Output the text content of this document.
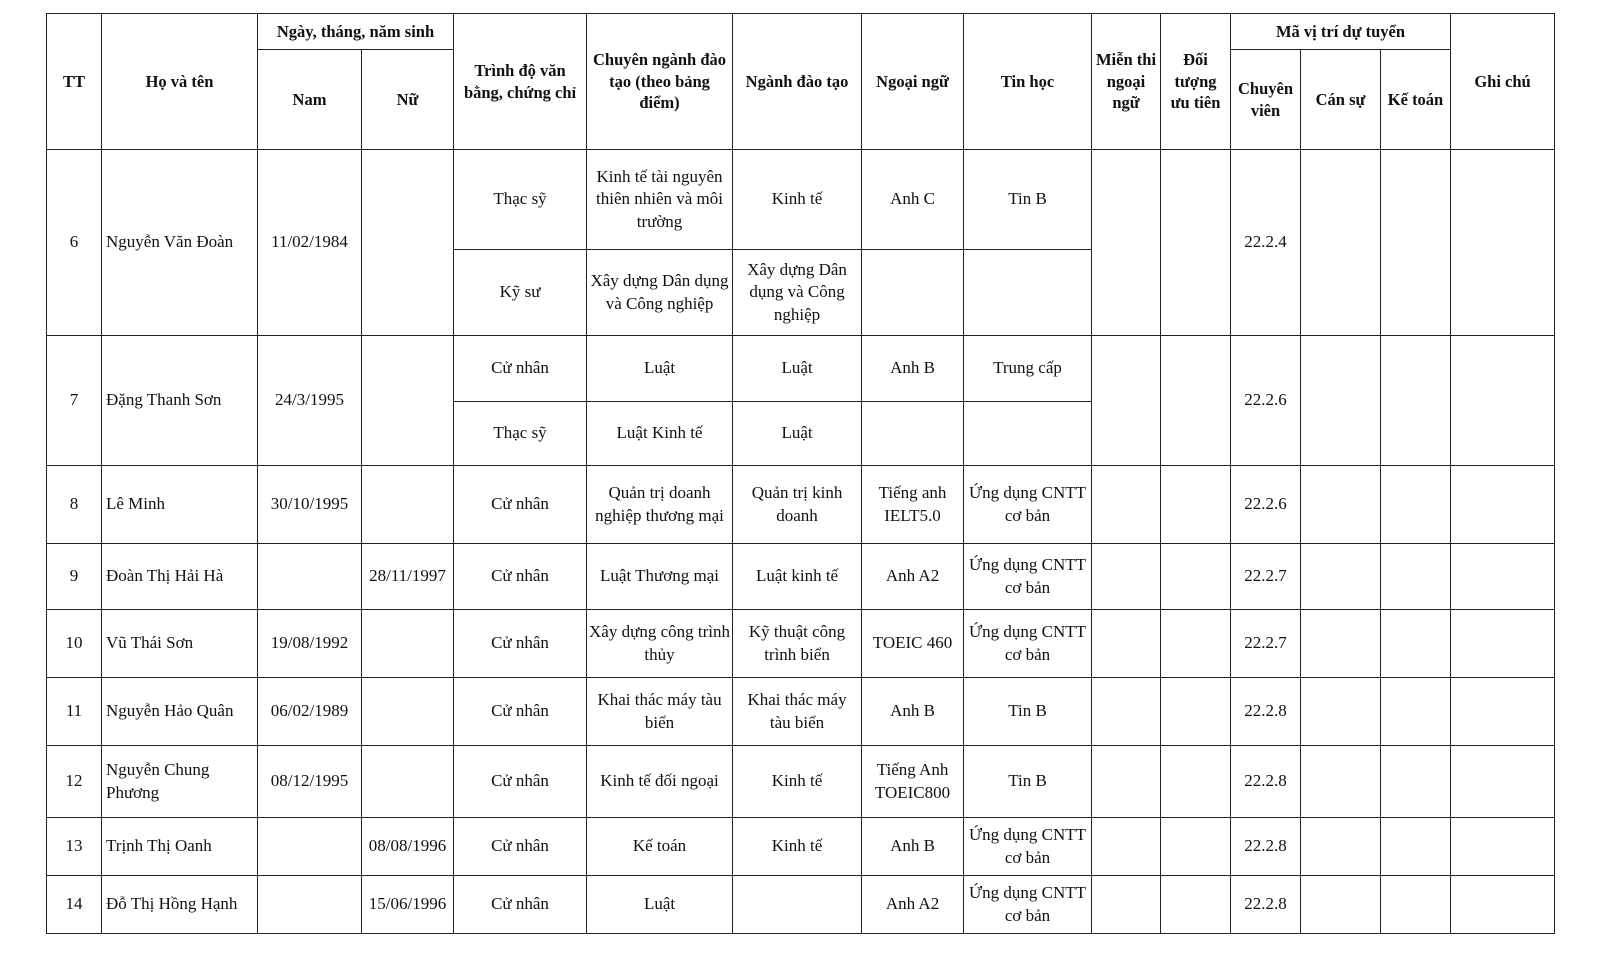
TT	Họ và tên	Ngày, tháng, năm sinh		Trình độ văn bằng, chứng chỉ	Chuyên ngành đào tạo (theo bảng điểm)	Ngành đào tạo	Ngoại ngữ	Tin học	Miễn thi ngoại ngữ	Đối tượng ưu tiên	Mã vị trí dự tuyển			Ghi chú
		Nam	Nữ								Chuyên viên	Cán sự	Kế toán	
6	Nguyễn Văn Đoàn	11/02/1984		Thạc sỹ	Kinh tế tài nguyên thiên nhiên và môi trường	Kinh tế	Anh C	Tin B			22.2.4			
				Kỹ sư	Xây dựng Dân dụng và Công nghiệp	Xây dựng Dân dụng và Công nghiệp								
7	Đặng Thanh Sơn	24/3/1995		Cử nhân	Luật	Luật	Anh B	Trung cấp			22.2.6			
				Thạc sỹ	Luật Kinh tế	Luật								
8	Lê Minh	30/10/1995		Cử nhân	Quản trị doanh nghiệp thương mại	Quản trị kinh doanh	Tiếng anh IELT5.0	Ứng dụng CNTT cơ bản			22.2.6			
9	Đoàn Thị Hải Hà		28/11/1997	Cử nhân	Luật Thương mại	Luật kinh tế	Anh A2	Ứng dụng CNTT cơ bản			22.2.7			
10	Vũ Thái Sơn	19/08/1992		Cử nhân	Xây dựng công trình thủy	Kỹ thuật công trình biển	TOEIC 460	Ứng dụng CNTT cơ bản			22.2.7			
11	Nguyễn Hảo Quân	06/02/1989		Cử nhân	Khai thác máy tàu biển	Khai thác máy tàu biển	Anh B	Tin B			22.2.8			
12	Nguyễn Chung Phương	08/12/1995		Cử nhân	Kinh tế đối ngoại	Kinh tế	Tiếng Anh TOEIC800	Tin B			22.2.8			
13	Trịnh Thị Oanh		08/08/1996	Cử nhân	Kế toán	Kinh tế	Anh B	Ứng dụng CNTT cơ bản			22.2.8			
14	Đỗ Thị Hồng Hạnh		15/06/1996	Cử nhân	Luật		Anh A2	Ứng dụng CNTT cơ bản			22.2.8			
